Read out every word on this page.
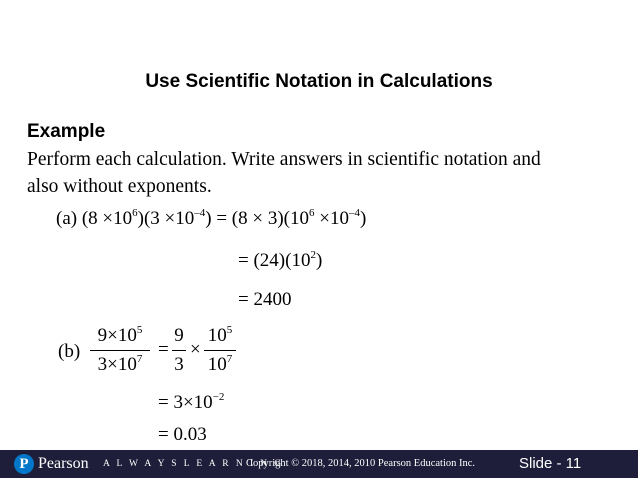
Use Scientific Notation in Calculations
Example
Perform each calculation. Write answers in scientific notation and
also without exponents.
(a) $(8 \times 10^6)(3 \times 10^{-4}) = (8 \times 3)(10^6 \times 10^{-4})$
= $(24)(10^2)$
= 2400
(b)
$9\times 10^5$
$3\times 10^7$ =
9
3
×
$10^5$
$10^7$
= $3\times 10^{-2}$
= 0.03
P Pearson A L W A Y S L E A R N I N G
Copyright © 2018, 2014, 2010 Pearson Education Inc.	Slide - 11
